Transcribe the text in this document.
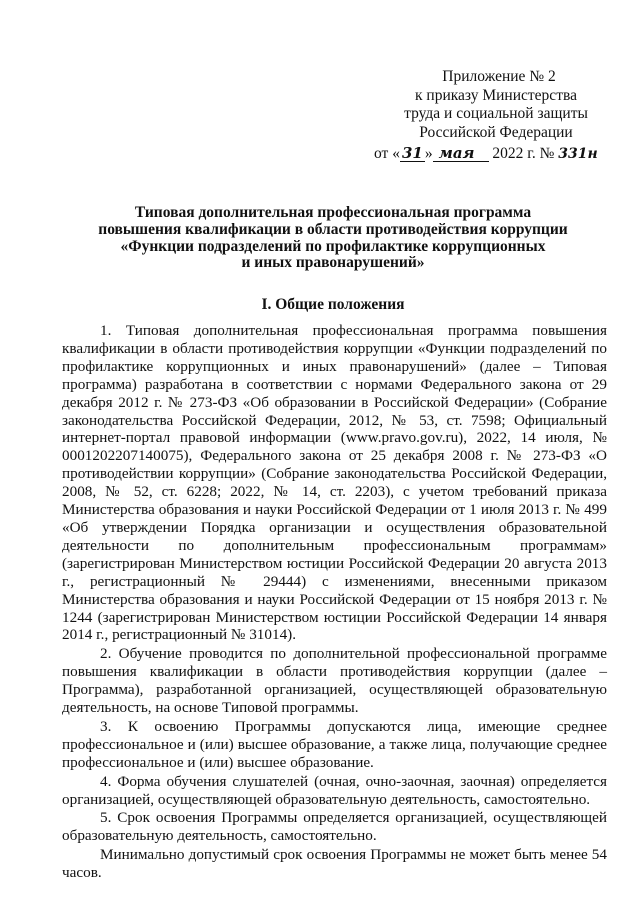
Приложение № 2
к приказу Министерства
труда и социальной защиты
Российской Федерации
от « 31 » мая 2022 г. № 331н
Типовая дополнительная профессиональная программа
повышения квалификации в области противодействия коррупции
«Функции подразделений по профилактике коррупционных
и иных правонарушений»
I. Общие положения

1. Типовая дополнительная профессиональная программа повышения квалификации в области противодействия коррупции «Функции подразделений по профилактике коррупционных и иных правонарушений» (далее – Типовая программа) разработана в соответствии с нормами Федерального закона от 29 декабря 2012 г. № 273-ФЗ «Об образовании в Российской Федерации» (Собрание законодательства Российской Федерации, 2012, № 53, ст. 7598; Официальный интернет-портал правовой информации (www.pravo.gov.ru), 2022, 14 июля, № 0001202207140075), Федерального закона от 25 декабря 2008 г. № 273-ФЗ «О противодействии коррупции» (Собрание законодательства Российской Федерации, 2008, № 52, ст. 6228; 2022, № 14, ст. 2203), с учетом требований приказа Министерства образования и науки Российской Федерации от 1 июля 2013 г. № 499 «Об утверждении Порядка организации и осуществления образовательной деятельности по дополнительным профессиональным программам» (зарегистрирован Министерством юстиции Российской Федерации 20 августа 2013 г., регистрационный № 29444) с изменениями, внесенными приказом Министерства образования и науки Российской Федерации от 15 ноября 2013 г. № 1244 (зарегистрирован Министерством юстиции Российской Федерации 14 января 2014 г., регистрационный № 31014).

2. Обучение проводится по дополнительной профессиональной программе повышения квалификации в области противодействия коррупции (далее – Программа), разработанной организацией, осуществляющей образовательную деятельность, на основе Типовой программы.

3. К освоению Программы допускаются лица, имеющие среднее профессиональное и (или) высшее образование, а также лица, получающие среднее профессиональное и (или) высшее образование.

4. Форма обучения слушателей (очная, очно-заочная, заочная) определяется организацией, осуществляющей образовательную деятельность, самостоятельно.

5. Срок освоения Программы определяется организацией, осуществляющей образовательную деятельность, самостоятельно.

Минимально допустимый срок освоения Программы не может быть менее 54 часов.
